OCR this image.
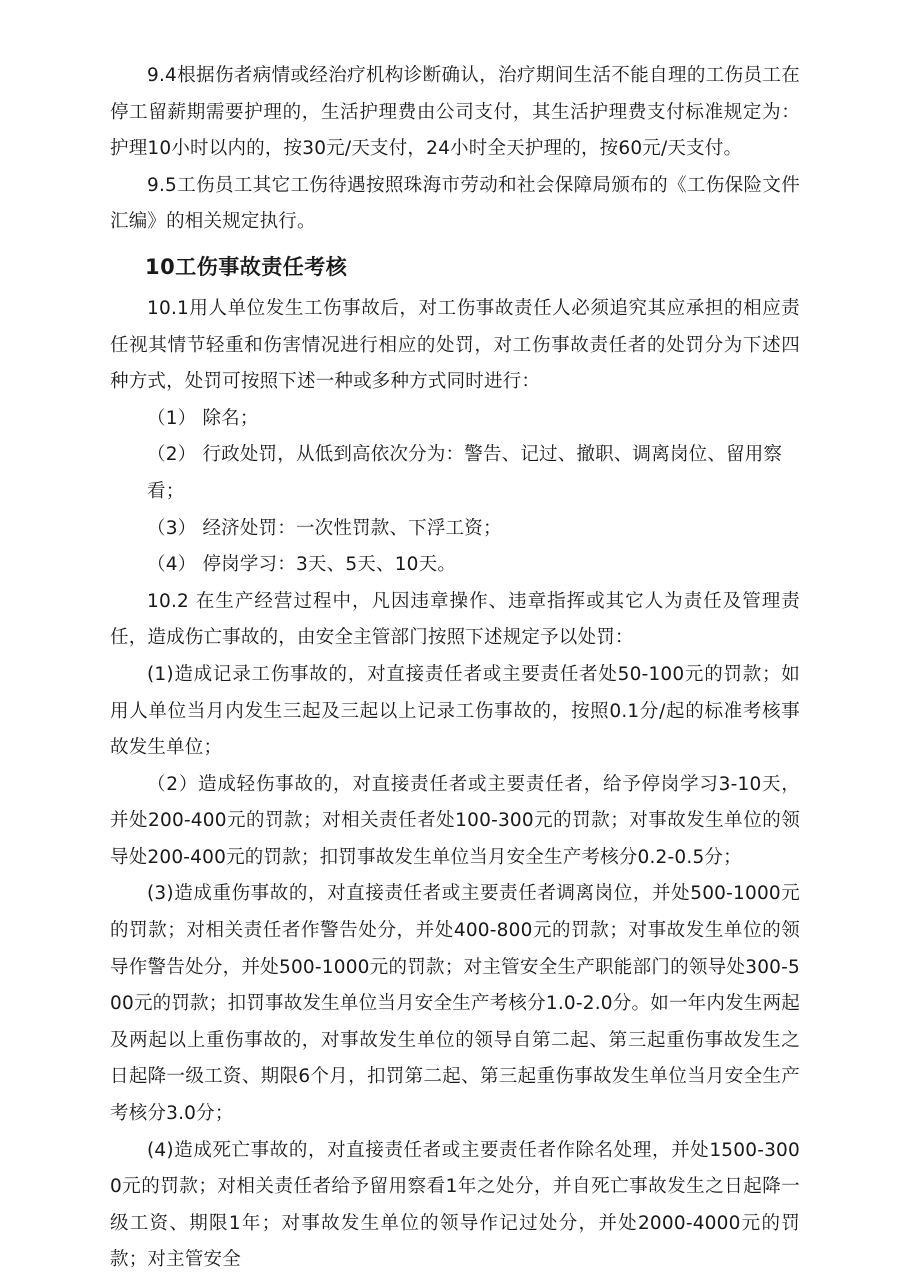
9.4根据伤者病情或经治疗机构诊断确认，治疗期间生活不能自理的工伤员工在停工留薪期需要护理的，生活护理费由公司支付，其生活护理费支付标准规定为：护理10小时以内的，按30元/天支付，24小时全天护理的，按60元/天支付。

9.5工伤员工其它工伤待遇按照珠海市劳动和社会保障局颁布的《工伤保险文件汇编》的相关规定执行。

10工伤事故责任考核

10.1用人单位发生工伤事故后，对工伤事故责任人必须追究其应承担的相应责任视其情节轻重和伤害情况进行相应的处罚，对工伤事故责任者的处罚分为下述四种方式，处罚可按照下述一种或多种方式同时进行：

（1） 除名；

（2） 行政处罚，从低到高依次分为：警告、记过、撤职、调离岗位、留用察看；

（3） 经济处罚：一次性罚款、下浮工资；

（4） 停岗学习：3天、5天、10天。

10.2 在生产经营过程中，凡因违章操作、违章指挥或其它人为责任及管理责任，造成伤亡事故的，由安全主管部门按照下述规定予以处罚：

(1)造成记录工伤事故的，对直接责任者或主要责任者处50-100元的罚款；如用人单位当月内发生三起及三起以上记录工伤事故的，按照0.1分/起的标准考核事故发生单位；

（2）造成轻伤事故的，对直接责任者或主要责任者，给予停岗学习3-10天，并处200-400元的罚款；对相关责任者处100-300元的罚款；对事故发生单位的领导处200-400元的罚款；扣罚事故发生单位当月安全生产考核分0.2-0.5分；

(3)造成重伤事故的，对直接责任者或主要责任者调离岗位，并处500-1000元的罚款；对相关责任者作警告处分，并处400-800元的罚款；对事故发生单位的领导作警告处分，并处500-1000元的罚款；对主管安全生产职能部门的领导处300-500元的罚款；扣罚事故发生单位当月安全生产考核分1.0-2.0分。如一年内发生两起及两起以上重伤事故的，对事故发生单位的领导自第二起、第三起重伤事故发生之日起降一级工资、期限6个月，扣罚第二起、第三起重伤事故发生单位当月安全生产考核分3.0分；

(4)造成死亡事故的，对直接责任者或主要责任者作除名处理，并处1500-3000元的罚款；对相关责任者给予留用察看1年之处分，并自死亡事故发生之日起降一级工资、期限1年；对事故发生单位的领导作记过处分，并处2000-4000元的罚款；对主管安全
